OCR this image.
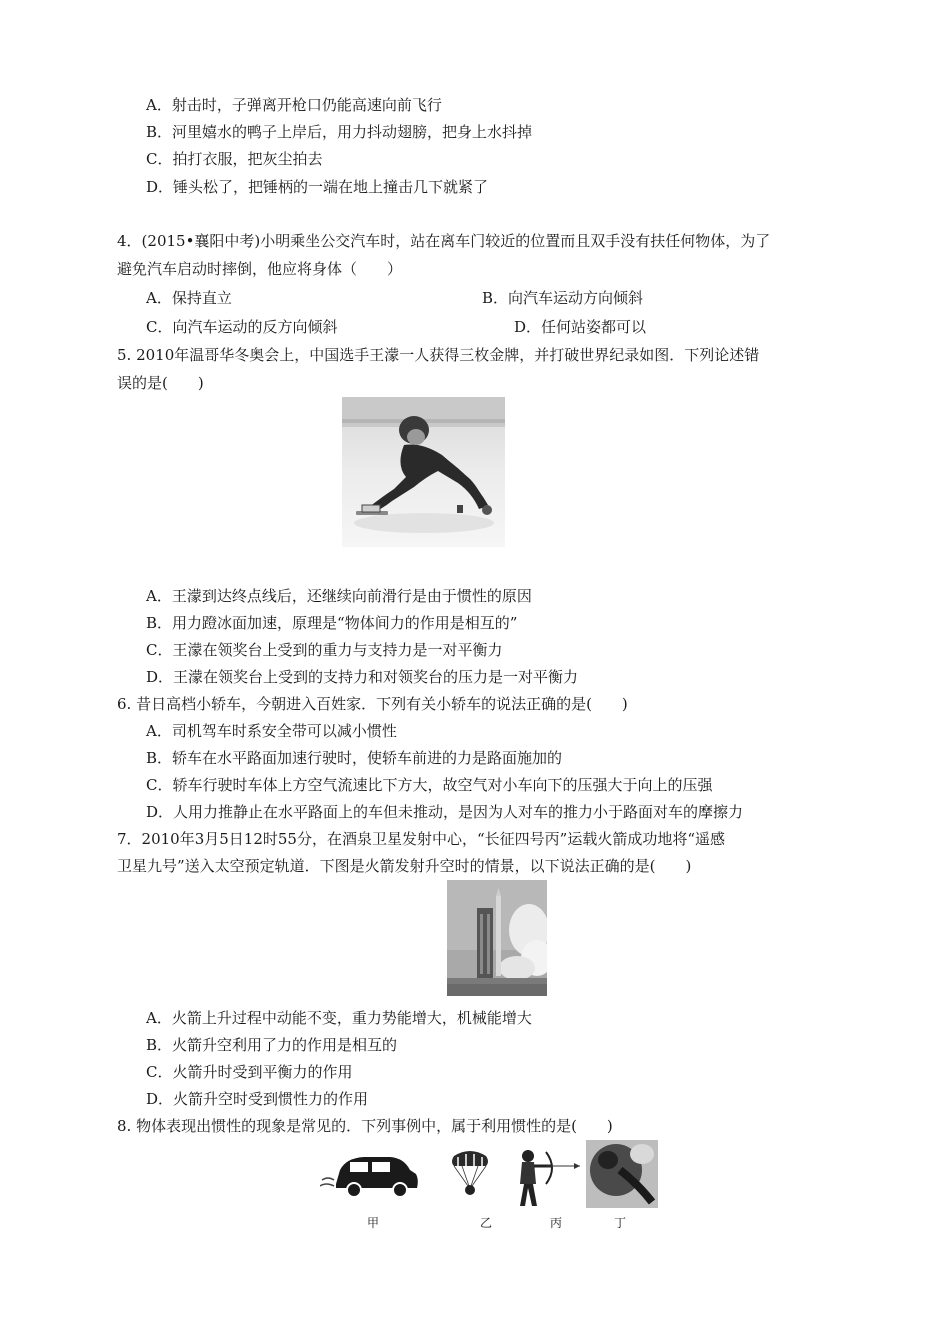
A．射击时，子弹离开枪口仍能高速向前飞行
B．河里嬉水的鸭子上岸后，用力抖动翅膀，把身上水抖掉
C．拍打衣服，把灰尘拍去
D．锤头松了，把锤柄的一端在地上撞击几下就紧了
4．(2015•襄阳中考)小明乘坐公交汽车时，站在离车门较近的位置而且双手没有扶任何物体，为了
避免汽车启动时摔倒，他应将身体（　　）
A．保持直立	B．向汽车运动方向倾斜
C．向汽车运动的反方向倾斜	D．任何站姿都可以
5. 2010年温哥华冬奥会上，中国选手王濛一人获得三枚金牌，并打破世界纪录如图．下列论述错
误的是(　　)
A．王濛到达终点线后，还继续向前滑行是由于惯性的原因
B．用力蹬冰面加速，原理是“物体间力的作用是相互的”
C．王濛在领奖台上受到的重力与支持力是一对平衡力
D．王濛在领奖台上受到的支持力和对领奖台的压力是一对平衡力
6. 昔日高档小轿车，今朝进入百姓家．下列有关小轿车的说法正确的是(　　)
A．司机驾车时系安全带可以减小惯性
B．轿车在水平路面加速行驶时，使轿车前进的力是路面施加的
C．轿车行驶时车体上方空气流速比下方大，故空气对小车向下的压强大于向上的压强
D．人用力推静止在水平路面上的车但未推动，是因为人对车的推力小于路面对车的摩擦力
7．2010年3月5日12时55分，在酒泉卫星发射中心，“长征四号丙”运载火箭成功地将“遥感
卫星九号”送入太空预定轨道．下图是火箭发射升空时的情景，以下说法正确的是(　　)
A．火箭上升过程中动能不变，重力势能增大，机械能增大
B．火箭升空利用了力的作用是相互的
C．火箭升时受到平衡力的作用
D．火箭升空时受到惯性力的作用
8. 物体表现出惯性的现象是常见的．下列事例中，属于利用惯性的是(　　)
甲	乙	丙	丁
